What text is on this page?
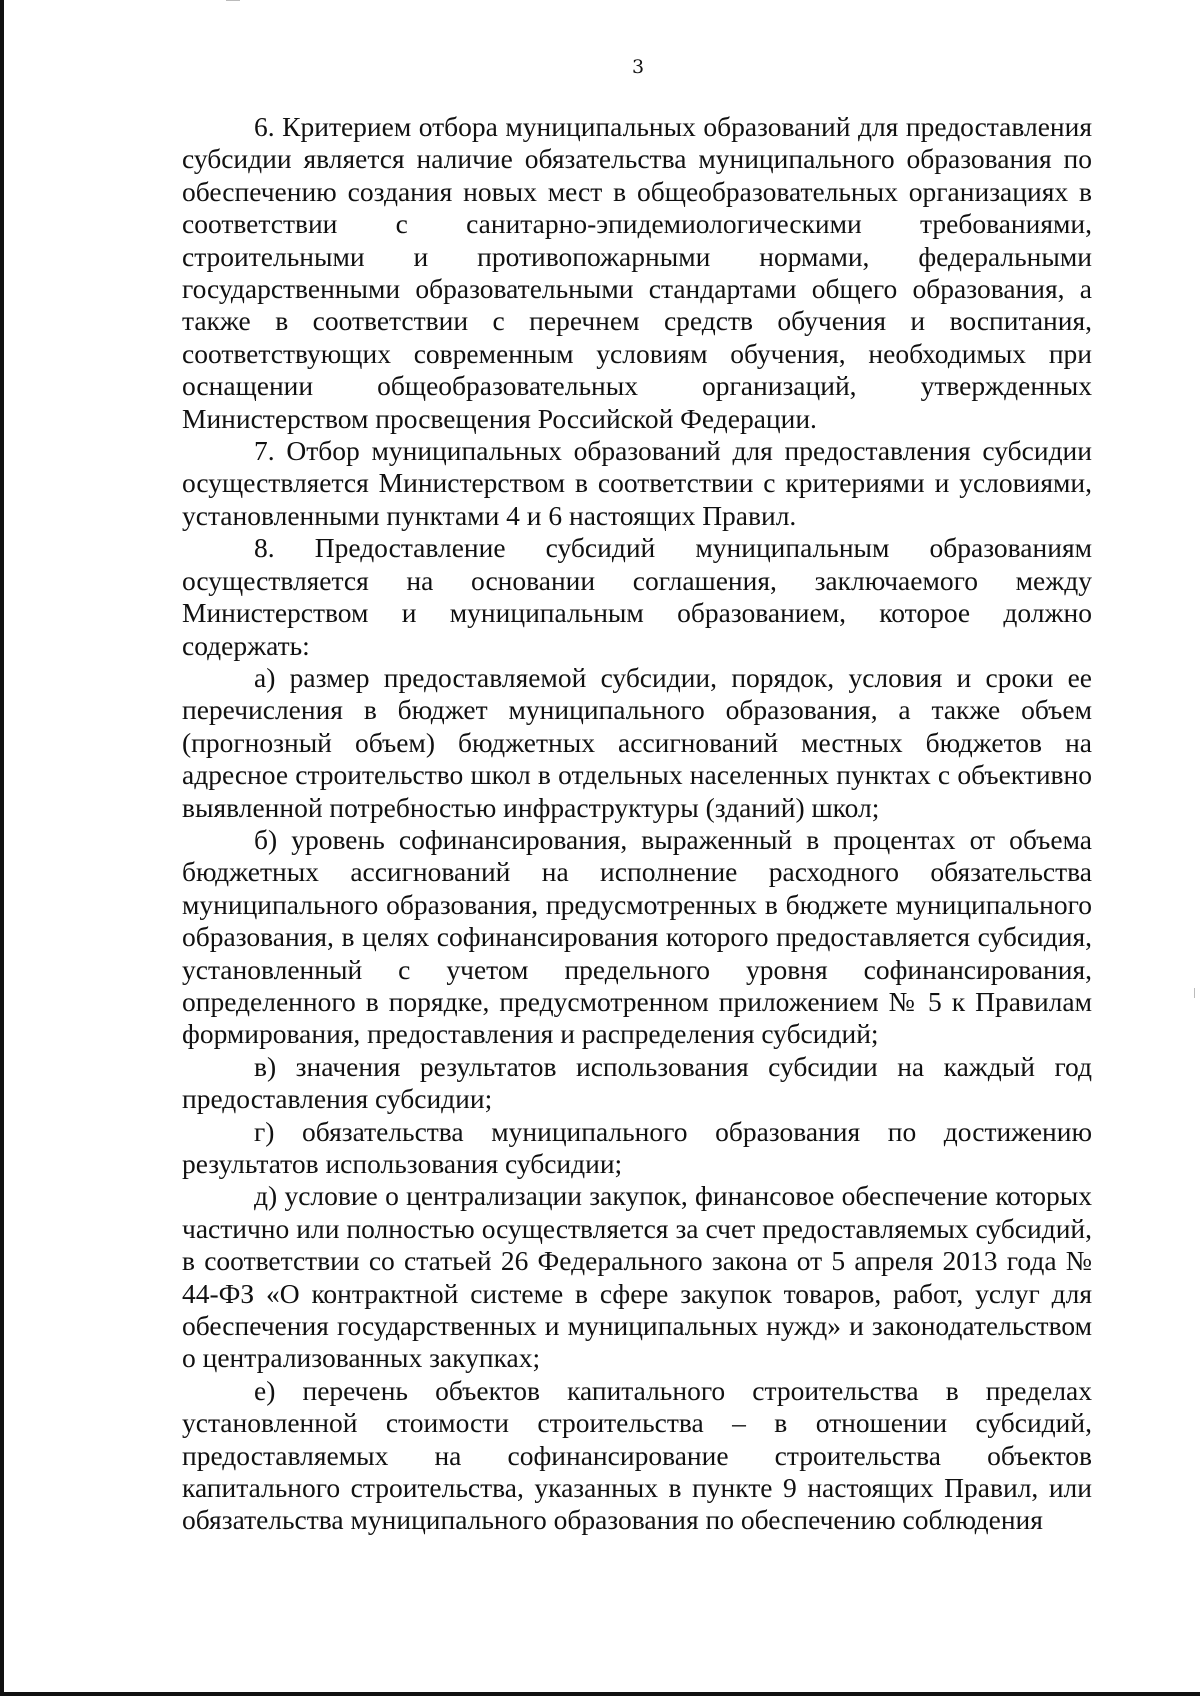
3

6. Критерием отбора муниципальных образований для предоставления субсидии является наличие обязательства муниципального образования по обеспечению создания новых мест в общеобразовательных организациях в соответствии с санитарно-эпидемиологическими требованиями, строительными и противопожарными нормами, федеральными государственными образовательными стандартами общего образования, а также в соответствии с перечнем средств обучения и воспитания, соответствующих современным условиям обучения, необходимых при оснащении общеобразовательных организаций, утвержденных Министерством просвещения Российской Федерации.

7. Отбор муниципальных образований для предоставления субсидии осуществляется Министерством в соответствии с критериями и условиями, установленными пунктами 4 и 6 настоящих Правил.

8. Предоставление субсидий муниципальным образованиям осуществляется на основании соглашения, заключаемого между Министерством и муниципальным образованием, которое должно содержать:

а) размер предоставляемой субсидии, порядок, условия и сроки ее перечисления в бюджет муниципального образования, а также объем (прогнозный объем) бюджетных ассигнований местных бюджетов на адресное строительство школ в отдельных населенных пунктах с объективно выявленной потребностью инфраструктуры (зданий) школ;

б) уровень софинансирования, выраженный в процентах от объема бюджетных ассигнований на исполнение расходного обязательства муниципального образования, предусмотренных в бюджете муниципального образования, в целях софинансирования которого предоставляется субсидия, установленный с учетом предельного уровня софинансирования, определенного в порядке, предусмотренном приложением № 5 к Правилам формирования, предоставления и распределения субсидий;

в) значения результатов использования субсидии на каждый год предоставления субсидии;

г) обязательства муниципального образования по достижению результатов использования субсидии;

д) условие о централизации закупок, финансовое обеспечение которых частично или полностью осуществляется за счет предоставляемых субсидий, в соответствии со статьей 26 Федерального закона от 5 апреля 2013 года № 44-ФЗ «О контрактной системе в сфере закупок товаров, работ, услуг для обеспечения государственных и муниципальных нужд» и законодательством о централизованных закупках;

е) перечень объектов капитального строительства в пределах установленной стоимости строительства – в отношении субсидий, предоставляемых на софинансирование строительства объектов капитального строительства, указанных в пункте 9 настоящих Правил, или обязательства муниципального образования по обеспечению соблюдения
